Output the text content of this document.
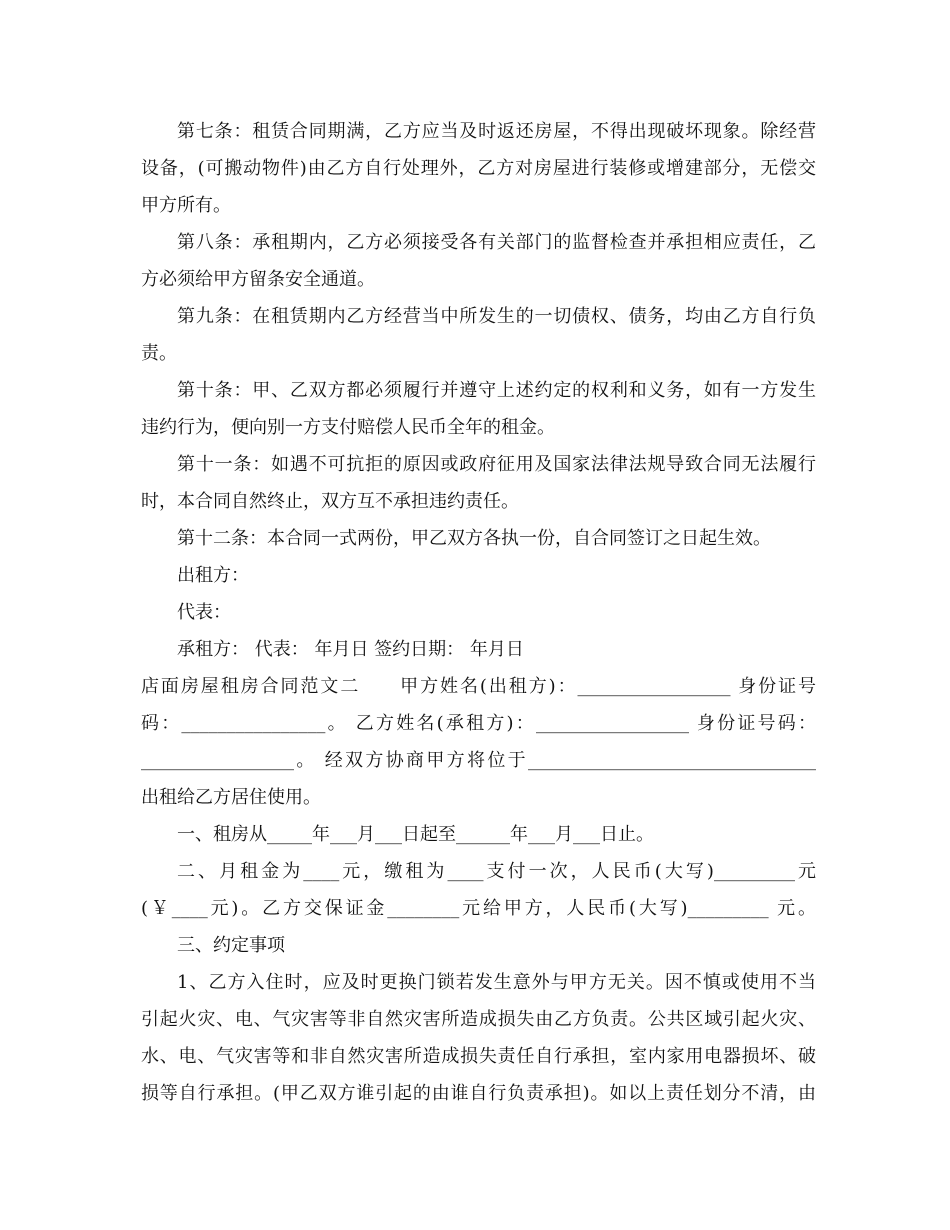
第七条：租赁合同期满，乙方应当及时返还房屋，不得出现破坏现象。除经营
设备，(可搬动物件)由乙方自行处理外，乙方对房屋进行装修或增建部分，无偿交
甲方所有。
第八条：承租期内，乙方必须接受各有关部门的监督检查并承担相应责任，乙
方必须给甲方留条安全通道。
第九条：在租赁期内乙方经营当中所发生的一切债权、债务，均由乙方自行负
责。
第十条：甲、乙双方都必须履行并遵守上述约定的权利和义务，如有一方发生
违约行为，便向别一方支付赔偿人民币全年的租金。
第十一条：如遇不可抗拒的原因或政府征用及国家法律法规导致合同无法履行
时，本合同自然终止，双方互不承担违约责任。
第十二条：本合同一式两份，甲乙双方各执一份，自合同签订之日起生效。
出租方：
代表：
承租方： 代表： 年月日 签约日期： 年月日
店面房屋租房合同范文二　　甲方姓名(出租方)：_________________ 身份证号
码：________________。 乙方姓名(承租方)：_________________ 身份证号码：
_________________。 经双方协商甲方将位于________________________________
出租给乙方居住使用。
一、租房从_____年___月___日起至______年___月___日止。
二、月租金为____元，缴租为____支付一次，人民币(大写)_________元
(￥____元)。乙方交保证金________元给甲方，人民币(大写)_________ 元。
三、约定事项
1、乙方入住时，应及时更换门锁若发生意外与甲方无关。因不慎或使用不当
引起火灾、电、气灾害等非自然灾害所造成损失由乙方负责。公共区域引起火灾、
水、电、气灾害等和非自然灾害所造成损失责任自行承担，室内家用电器损坏、破
损等自行承担。(甲乙双方谁引起的由谁自行负责承担)。如以上责任划分不清，由
